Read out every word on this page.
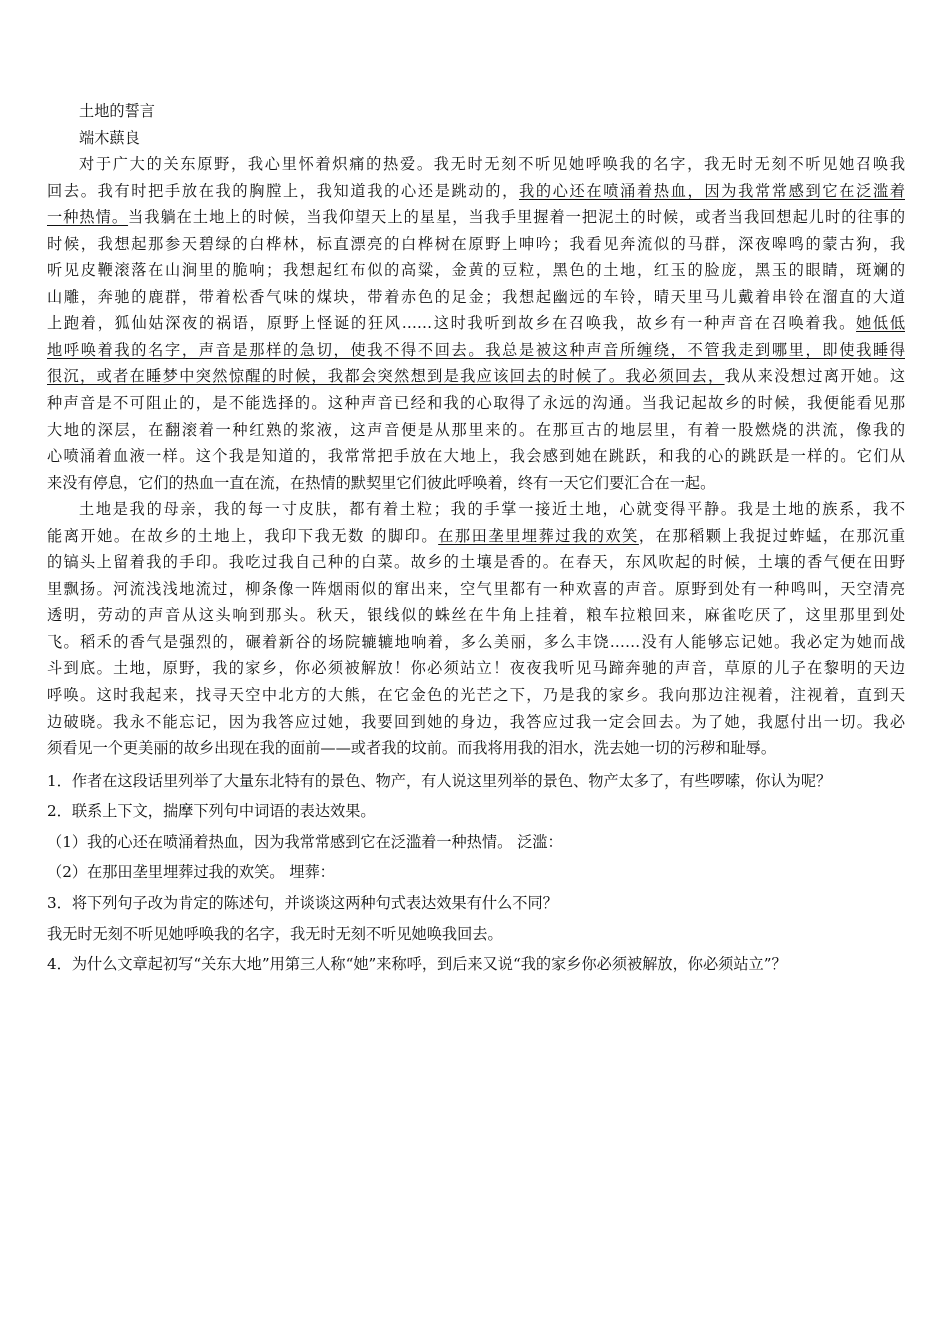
土地的誓言
端木蕻良
对于广大的关东原野，我心里怀着炽痛的热爱。我无时无刻不听见她呼唤我的名字，我无时无刻不听见她召唤我
回去。我有时把手放在我的胸膛上，我知道我的心还是跳动的，我的心还在喷涌着热血，因为我常常感到它在泛滥着
一种热情。当我躺在土地上的时候，当我仰望天上的星星，当我手里握着一把泥土的时候，或者当我回想起儿时的往事的
时候，我想起那参天碧绿的白桦林，标直漂亮的白桦树在原野上呻吟；我看见奔流似的马群，深夜嗥鸣的蒙古狗，我
听见皮鞭滚落在山涧里的脆响；我想起红布似的高粱，金黄的豆粒，黑色的土地，红玉的脸庞，黑玉的眼睛，斑斓的
山雕，奔驰的鹿群，带着松香气味的煤块，带着赤色的足金；我想起幽远的车铃，晴天里马儿戴着串铃在溜直的大道
上跑着，狐仙姑深夜的祸语，原野上怪诞的狂风……这时我听到故乡在召唤我，故乡有一种声音在召唤着我。她低低
地呼唤着我的名字，声音是那样的急切，使我不得不回去。我总是被这种声音所缠绕，不管我走到哪里，即使我睡得
很沉，或者在睡梦中突然惊醒的时候，我都会突然想到是我应该回去的时候了。我必须回去，我从来没想过离开她。这
种声音是不可阻止的，是不能选择的。这种声音已经和我的心取得了永远的沟通。当我记起故乡的时候，我便能看见那
大地的深层，在翻滚着一种红熟的浆液，这声音便是从那里来的。在那亘古的地层里，有着一股燃烧的洪流，像我的
心喷涌着血液一样。这个我是知道的，我常常把手放在大地上，我会感到她在跳跃，和我的心的跳跃是一样的。它们从
来没有停息，它们的热血一直在流，在热情的默契里它们彼此呼唤着，终有一天它们要汇合在一起。
土地是我的母亲，我的每一寸皮肤，都有着土粒；我的手掌一接近土地，心就变得平静。我是土地的族系，我不
能离开她。在故乡的土地上，我印下我无数 的脚印。在那田垄里埋葬过我的欢笑，在那稻颗上我捉过蚱蜢，在那沉重
的镐头上留着我的手印。我吃过我自己种的白菜。故乡的土壤是香的。在春天，东风吹起的时候，土壤的香气便在田野
里飘扬。河流浅浅地流过，柳条像一阵烟雨似的窜出来，空气里都有一种欢喜的声音。原野到处有一种鸣叫，天空清亮
透明，劳动的声音从这头响到那头。秋天，银线似的蛛丝在牛角上挂着，粮车拉粮回来，麻雀吃厌了，这里那里到处
飞。稻禾的香气是强烈的，碾着新谷的场院辘辘地响着，多么美丽，多么丰饶……没有人能够忘记她。我必定为她而战
斗到底。土地，原野，我的家乡，你必须被解放！你必须站立！夜夜我听见马蹄奔驰的声音，草原的儿子在黎明的天边
呼唤。这时我起来，找寻天空中北方的大熊，在它金色的光芒之下，乃是我的家乡。我向那边注视着，注视着，直到天
边破晓。我永不能忘记，因为我答应过她，我要回到她的身边，我答应过我一定会回去。为了她，我愿付出一切。我必
须看见一个更美丽的故乡出现在我的面前——或者我的坟前。而我将用我的泪水，洗去她一切的污秽和耻辱。
1．作者在这段话里列举了大量东北特有的景色、物产，有人说这里列举的景色、物产太多了，有些啰嗦，你认为呢？
2．联系上下文，揣摩下列句中词语的表达效果。
（1）我的心还在喷涌着热血，因为我常常感到它在泛滥着一种热情。 泛滥：
（2）在那田垄里埋葬过我的欢笑。 埋葬：
3．将下列句子改为肯定的陈述句，并谈谈这两种句式表达效果有什么不同？
我无时无刻不听见她呼唤我的名字，我无时无刻不听见她唤我回去。
4．为什么文章起初写“关东大地”用第三人称“她”来称呼，到后来又说“我的家乡你必须被解放，你必须站立”？
